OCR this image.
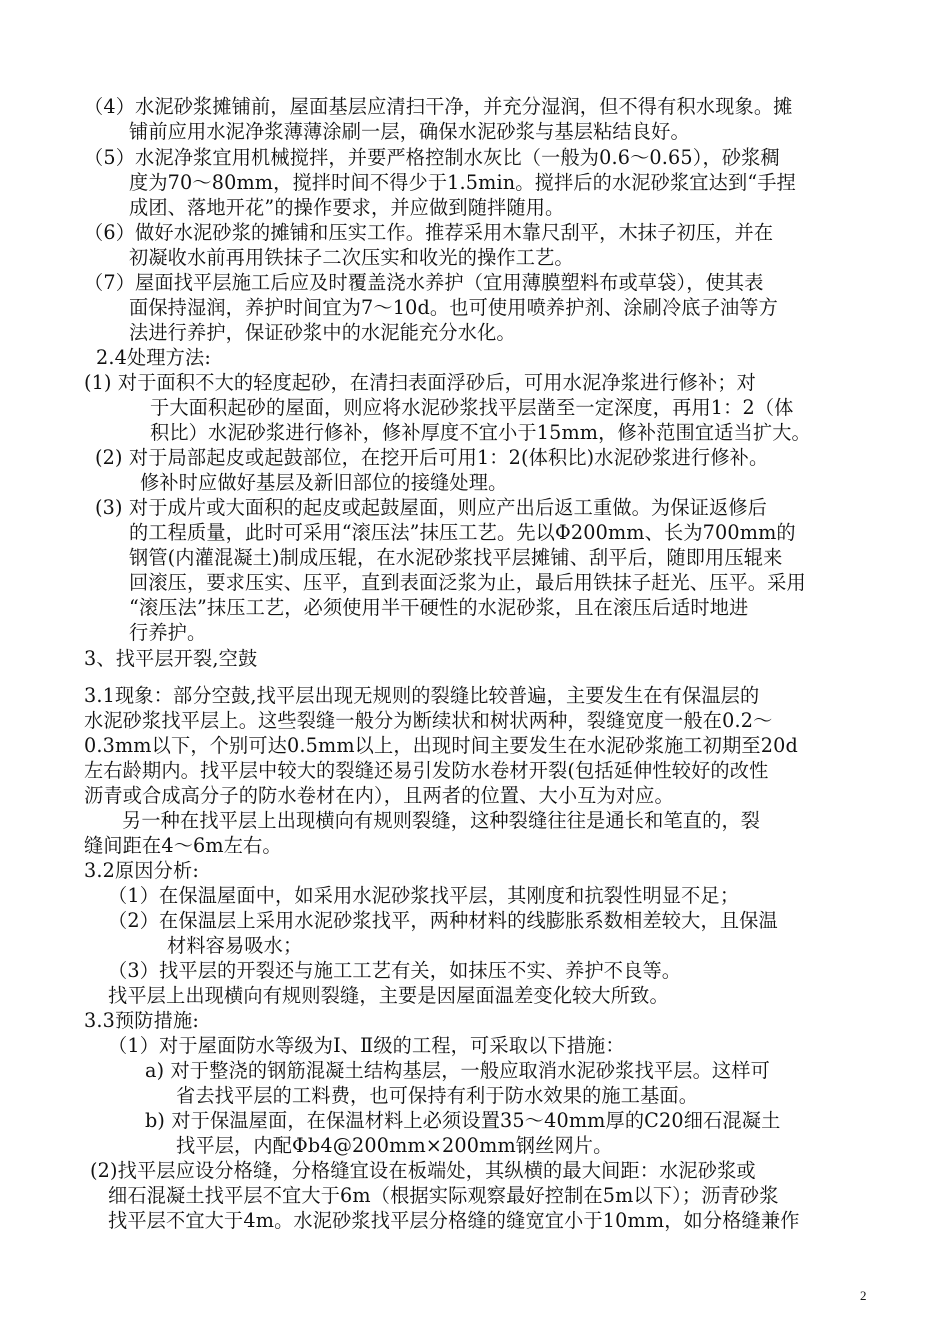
（4）水泥砂浆摊铺前，屋面基层应清扫干净，并充分湿润，但不得有积水现象。摊
铺前应用水泥净浆薄薄涂刷一层，确保水泥砂浆与基层粘结良好。
（5）水泥净浆宜用机械搅拌，并要严格控制水灰比（一般为0.6～0.65），砂浆稠
度为70～80mm，搅拌时间不得少于1.5min。搅拌后的水泥砂浆宜达到“手捏
成团、落地开花”的操作要求，并应做到随拌随用。
（6）做好水泥砂浆的摊铺和压实工作。推荐采用木靠尺刮平，木抹子初压，并在
初凝收水前再用铁抹子二次压实和收光的操作工艺。
（7）屋面找平层施工后应及时覆盖浇水养护（宜用薄膜塑料布或草袋），使其表
面保持湿润，养护时间宜为7～10d。也可使用喷养护剂、涂刷冷底子油等方
法进行养护，保证砂浆中的水泥能充分水化。
2.4处理方法:
(1) 对于面积不大的轻度起砂，在清扫表面浮砂后，可用水泥净浆进行修补；对
于大面积起砂的屋面，则应将水泥砂浆找平层凿至一定深度，再用1：2（体
积比）水泥砂浆进行修补，修补厚度不宜小于15mm，修补范围宜适当扩大。
(2) 对于局部起皮或起鼓部位，在挖开后可用1：2(体积比)水泥砂浆进行修补。
修补时应做好基层及新旧部位的接缝处理。
(3) 对于成片或大面积的起皮或起鼓屋面，则应产出后返工重做。为保证返修后
的工程质量，此时可采用“滚压法”抹压工艺。先以Φ200mm、长为700mm的
钢管(内灌混凝土)制成压辊，在水泥砂浆找平层摊铺、刮平后，随即用压辊来
回滚压，要求压实、压平，直到表面泛浆为止，最后用铁抹子赶光、压平。采用
“滚压法”抹压工艺，必须使用半干硬性的水泥砂浆，且在滚压后适时地进
行养护。
3、找平层开裂,空鼓
3.1现象：部分空鼓,找平层出现无规则的裂缝比较普遍，主要发生在有保温层的
水泥砂浆找平层上。这些裂缝一般分为断续状和树状两种，裂缝宽度一般在0.2～
0.3mm以下，个别可达0.5mm以上，出现时间主要发生在水泥砂浆施工初期至20d
左右龄期内。找平层中较大的裂缝还易引发防水卷材开裂(包括延伸性较好的改性
沥青或合成高分子的防水卷材在内），且两者的位置、大小互为对应。
另一种在找平层上出现横向有规则裂缝，这种裂缝往往是通长和笔直的，裂
缝间距在4～6m左右。
3.2原因分析:
（1）在保温屋面中，如采用水泥砂浆找平层，其刚度和抗裂性明显不足；
（2）在保温层上采用水泥砂浆找平，两种材料的线膨胀系数相差较大，且保温
材料容易吸水；
（3）找平层的开裂还与施工工艺有关，如抹压不实、养护不良等。
找平层上出现横向有规则裂缝，主要是因屋面温差变化较大所致。
3.3预防措施:
（1）对于屋面防水等级为Ⅰ、Ⅱ级的工程，可采取以下措施：
a) 对于整浇的钢筋混凝土结构基层，一般应取消水泥砂浆找平层。这样可
省去找平层的工料费，也可保持有利于防水效果的施工基面。
b) 对于保温屋面，在保温材料上必须设置35～40mm厚的C20细石混凝土
找平层，内配Φb4@200mm×200mm钢丝网片。
(2)找平层应设分格缝，分格缝宜设在板端处，其纵横的最大间距：水泥砂浆或
细石混凝土找平层不宜大于6m（根据实际观察最好控制在5m以下）；沥青砂浆
找平层不宜大于4m。水泥砂浆找平层分格缝的缝宽宜小于10mm，如分格缝兼作
2
